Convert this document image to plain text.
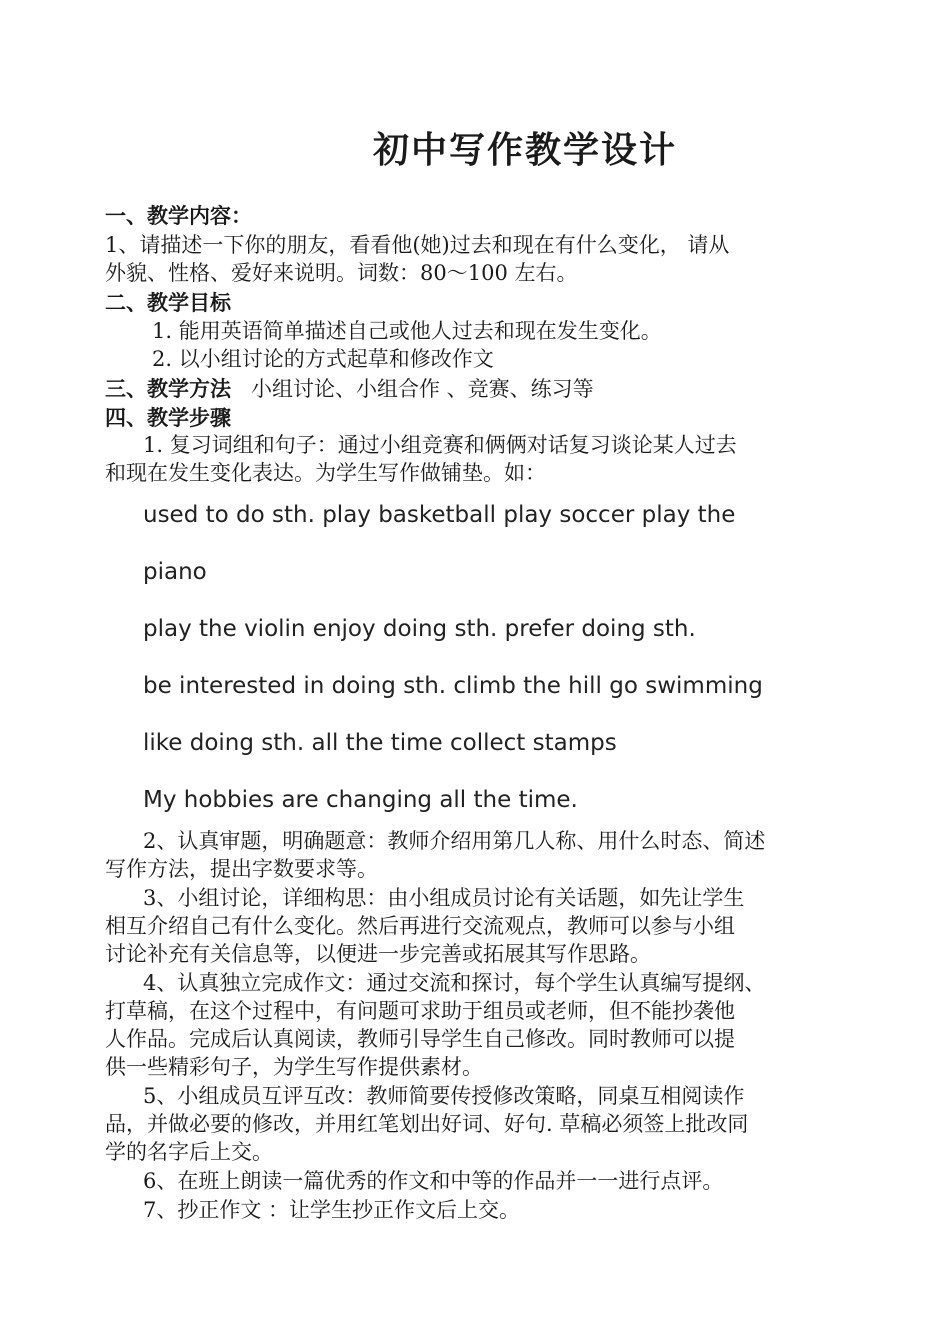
初中写作教学设计
一、教学内容：
1、请描述一下你的朋友，看看他(她)过去和现在有什么变化， 请从
外貌、性格、爱好来说明。词数：80～100 左右。
二、教学目标
1. 能用英语简单描述自己或他人过去和现在发生变化。
2. 以小组讨论的方式起草和修改作文
三、教学方法 小组讨论、小组合作 、竞赛、练习等
四、教学步骤
1. 复习词组和句子：通过小组竞赛和俩俩对话复习谈论某人过去
和现在发生变化表达。为学生写作做铺垫。如：
used to do sth. play basketball play soccer play the
piano
play the violin enjoy doing sth. prefer doing sth.
be interested in doing sth. climb the hill go swimming
like doing sth. all the time collect stamps
My hobbies are changing all the time.
2、认真审题，明确题意：教师介绍用第几人称、用什么时态、简述
写作方法，提出字数要求等。
3、小组讨论，详细构思：由小组成员讨论有关话题，如先让学生
相互介绍自己有什么变化。然后再进行交流观点，教师可以参与小组
讨论补充有关信息等，以便进一步完善或拓展其写作思路。
4、认真独立完成作文：通过交流和探讨，每个学生认真编写提纲、
打草稿，在这个过程中，有问题可求助于组员或老师，但不能抄袭他
人作品。完成后认真阅读，教师引导学生自己修改。同时教师可以提
供一些精彩句子，为学生写作提供素材。
5、小组成员互评互改：教师简要传授修改策略，同桌互相阅读作
品，并做必要的修改，并用红笔划出好词、好句. 草稿必须签上批改同
学的名字后上交。
6、在班上朗读一篇优秀的作文和中等的作品并一一进行点评。
7、抄正作文 ：让学生抄正作文后上交。
